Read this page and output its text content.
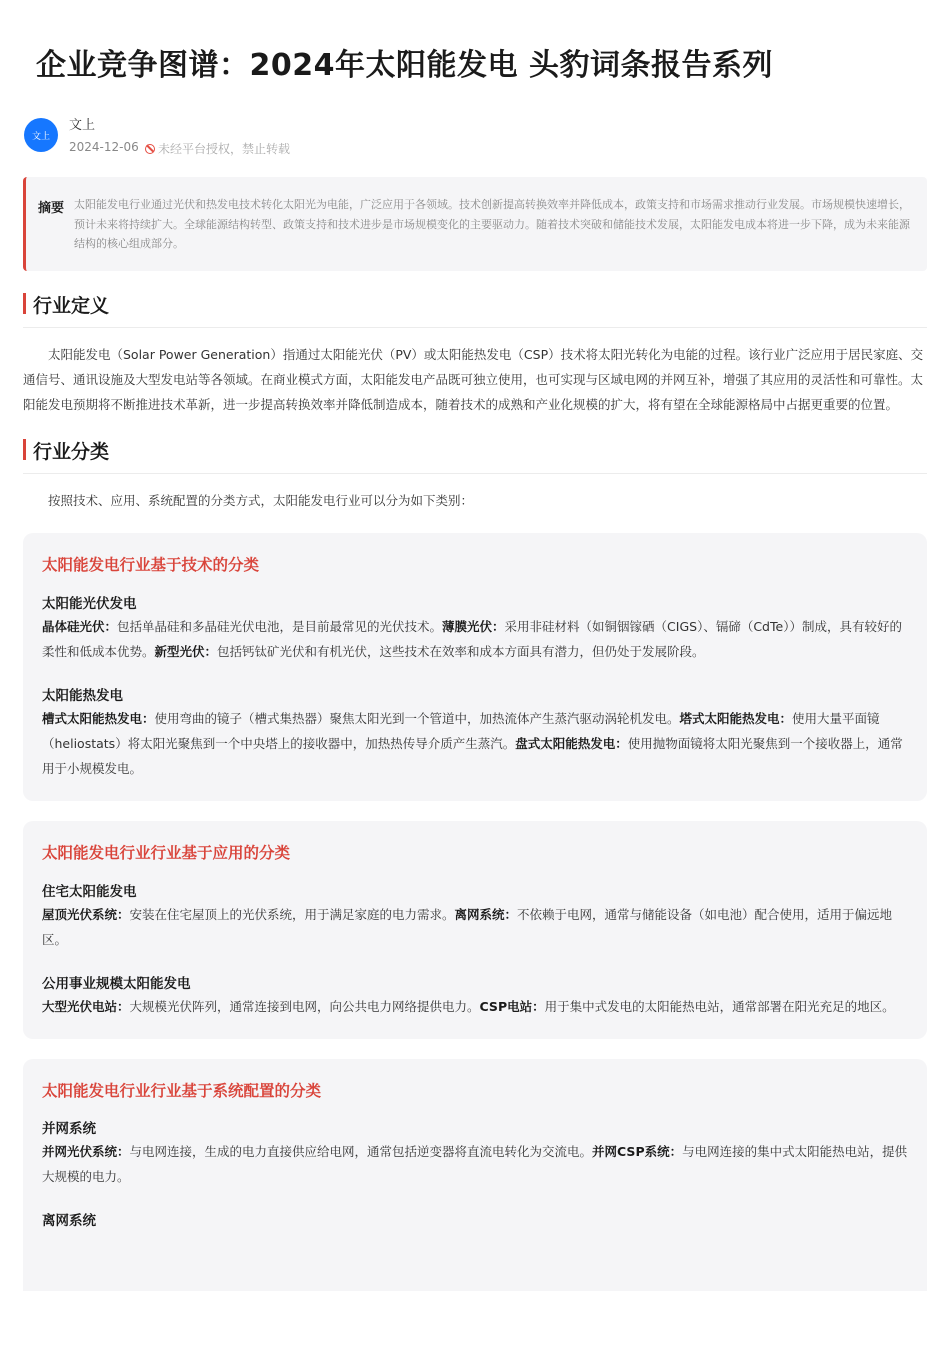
企业竞争图谱：2024年太阳能发电 头豹词条报告系列
文上
文上
2024-12-06	未经平台授权，禁止转载
摘要 太阳能发电行业通过光伏和热发电技术转化太阳光为电能，广泛应用于各领域。技术创新提高转换效率并降低成本，政策支持和市场需求推动行业发展。市场规模快速增长，预计未来将持续扩大。全球能源结构转型、政策支持和技术进步是市场规模变化的主要驱动力。随着技术突破和储能技术发展，太阳能发电成本将进一步下降，成为未来能源结构的核心组成部分。
行业定义
太阳能发电（Solar Power Generation）指通过太阳能光伏（PV）或太阳能热发电（CSP）技术将太阳光转化为电能的过程。该行业广泛应用于居民家庭、交通信号、通讯设施及大型发电站等各领域。在商业模式方面，太阳能发电产品既可独立使用，也可实现与区域电网的并网互补，增强了其应用的灵活性和可靠性。太阳能发电预期将不断推进技术革新，进一步提高转换效率并降低制造成本，随着技术的成熟和产业化规模的扩大，将有望在全球能源格局中占据更重要的位置。
行业分类
按照技术、应用、系统配置的分类方式，太阳能发电行业可以分为如下类别：
太阳能发电行业基于技术的分类
太阳能光伏发电
晶体硅光伏：包括单晶硅和多晶硅光伏电池，是目前最常见的光伏技术。薄膜光伏：采用非硅材料（如铜铟镓硒（CIGS）、镉碲（CdTe））制成，具有较好的柔性和低成本优势。新型光伏：包括钙钛矿光伏和有机光伏，这些技术在效率和成本方面具有潜力，但仍处于发展阶段。
太阳能热发电
槽式太阳能热发电：使用弯曲的镜子（槽式集热器）聚焦太阳光到一个管道中，加热流体产生蒸汽驱动涡轮机发电。塔式太阳能热发电：使用大量平面镜（heliostats）将太阳光聚焦到一个中央塔上的接收器中，加热热传导介质产生蒸汽。盘式太阳能热发电：使用抛物面镜将太阳光聚焦到一个接收器上，通常用于小规模发电。
太阳能发电行业行业基于应用的分类
住宅太阳能发电
屋顶光伏系统：安装在住宅屋顶上的光伏系统，用于满足家庭的电力需求。离网系统：不依赖于电网，通常与储能设备（如电池）配合使用，适用于偏远地区。
公用事业规模太阳能发电
大型光伏电站：大规模光伏阵列，通常连接到电网，向公共电力网络提供电力。CSP电站：用于集中式发电的太阳能热电站，通常部署在阳光充足的地区。
太阳能发电行业行业基于系统配置的分类
并网系统
并网光伏系统：与电网连接，生成的电力直接供应给电网，通常包括逆变器将直流电转化为交流电。并网CSP系统：与电网连接的集中式太阳能热电站，提供大规模的电力。
离网系统
